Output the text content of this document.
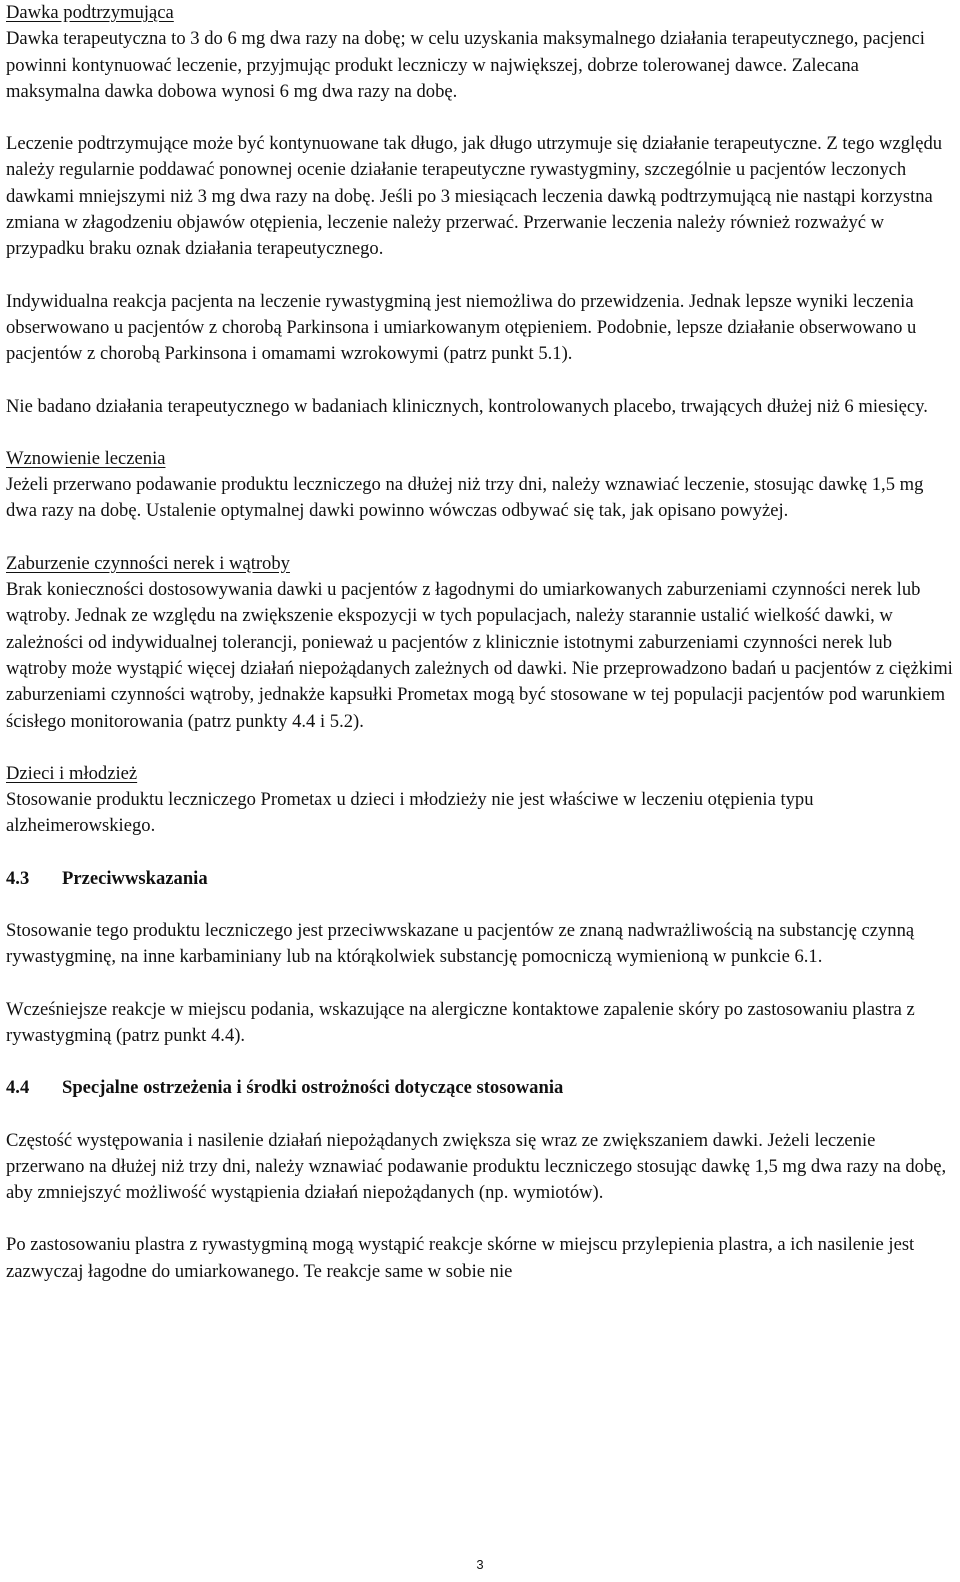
Dawka podtrzymująca

Dawka terapeutyczna to 3 do 6 mg dwa razy na dobę; w celu uzyskania maksymalnego działania terapeutycznego, pacjenci powinni kontynuować leczenie, przyjmując produkt leczniczy w największej, dobrze tolerowanej dawce. Zalecana maksymalna dawka dobowa wynosi 6 mg dwa razy na dobę.

Leczenie podtrzymujące może być kontynuowane tak długo, jak długo utrzymuje się działanie terapeutyczne. Z tego względu należy regularnie poddawać ponownej ocenie działanie terapeutyczne rywastygminy, szczególnie u pacjentów leczonych dawkami mniejszymi niż 3 mg dwa razy na dobę. Jeśli po 3 miesiącach leczenia dawką podtrzymującą nie nastąpi korzystna zmiana w złagodzeniu objawów otępienia, leczenie należy przerwać. Przerwanie leczenia należy również rozważyć w przypadku braku oznak działania terapeutycznego.

Indywidualna reakcja pacjenta na leczenie rywastygminą jest niemożliwa do przewidzenia. Jednak lepsze wyniki leczenia obserwowano u pacjentów z chorobą Parkinsona i umiarkowanym otępieniem. Podobnie, lepsze działanie obserwowano u pacjentów z chorobą Parkinsona i omamami wzrokowymi (patrz punkt 5.1).

Nie badano działania terapeutycznego w badaniach klinicznych, kontrolowanych placebo, trwających dłużej niż 6 miesięcy.

Wznowienie leczenia

Jeżeli przerwano podawanie produktu leczniczego na dłużej niż trzy dni, należy wznawiać leczenie, stosując dawkę 1,5 mg dwa razy na dobę. Ustalenie optymalnej dawki powinno wówczas odbywać się tak, jak opisano powyżej.

Zaburzenie czynności nerek i wątroby

Brak konieczności dostosowywania dawki u pacjentów z łagodnymi do umiarkowanych zaburzeniami czynności nerek lub wątroby. Jednak ze względu na zwiększenie ekspozycji w tych populacjach, należy starannie ustalić wielkość dawki, w zależności od indywidualnej tolerancji, ponieważ u pacjentów z klinicznie istotnymi zaburzeniami czynności nerek lub wątroby może wystąpić więcej działań niepożądanych zależnych od dawki. Nie przeprowadzono badań u pacjentów z ciężkimi zaburzeniami czynności wątroby, jednakże kapsułki Prometax mogą być stosowane w tej populacji pacjentów pod warunkiem ścisłego monitorowania (patrz punkty 4.4 i 5.2).

Dzieci i młodzież

Stosowanie produktu leczniczego Prometax u dzieci i młodzieży nie jest właściwe w leczeniu otępienia typu alzheimerowskiego.

4.3	Przeciwwskazania

Stosowanie tego produktu leczniczego jest przeciwwskazane u pacjentów ze znaną nadwrażliwością na substancję czynną rywastygminę, na inne karbaminiany lub na którąkolwiek substancję pomocniczą wymienioną w punkcie 6.1.

Wcześniejsze reakcje w miejscu podania, wskazujące na alergiczne kontaktowe zapalenie skóry po zastosowaniu plastra z rywastygminą (patrz punkt 4.4).

4.4	Specjalne ostrzeżenia i środki ostrożności dotyczące stosowania

Częstość występowania i nasilenie działań niepożądanych zwiększa się wraz ze zwiększaniem dawki. Jeżeli leczenie przerwano na dłużej niż trzy dni, należy wznawiać podawanie produktu leczniczego stosując dawkę 1,5 mg dwa razy na dobę, aby zmniejszyć możliwość wystąpienia działań niepożądanych (np. wymiotów).

Po zastosowaniu plastra z rywastygminą mogą wystąpić reakcje skórne w miejscu przylepienia plastra, a ich nasilenie jest zazwyczaj łagodne do umiarkowanego. Te reakcje same w sobie nie

3
